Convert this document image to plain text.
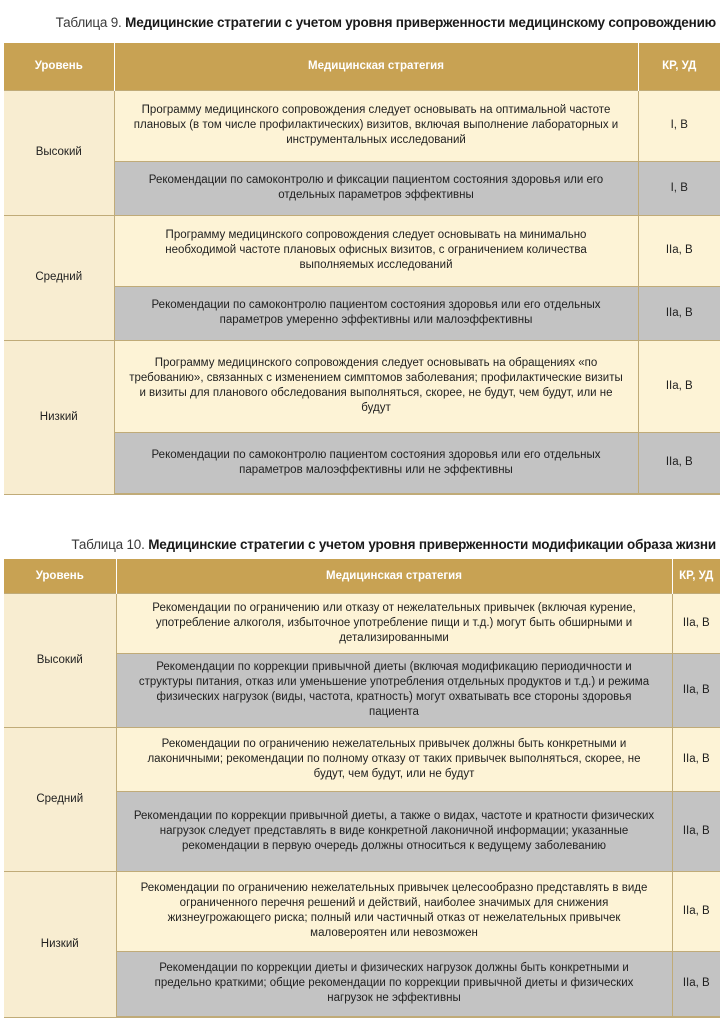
Таблица 9. Медицинские стратегии с учетом уровня приверженности медицинскому сопровождению
Уровень	Медицинская стратегия	КР, УД
Высокий	Программу медицинского сопровождения следует основывать на оптимальной частоте плановых (в том числе профилактических) визитов, включая выполнение лабораторных и инструментальных исследований	I, B
	Рекомендации по самоконтролю и фиксации пациентом состояния здоровья или его отдельных параметров эффективны	I, B
Средний	Программу медицинского сопровождения следует основывать на минимально необходимой частоте плановых офисных визитов, с ограничением количества выполняемых исследований	IIa, B
	Рекомендации по самоконтролю пациентом состояния здоровья или его отдельных параметров умеренно эффективны или малоэффективны	IIa, B
Низкий	Программу медицинского сопровождения следует основывать на обращениях «по требованию», связанных с изменением симптомов заболевания; профилактические визиты и визиты для планового обследования выполняться, скорее, не будут, чем будут, или не будут	IIa, B
	Рекомендации по самоконтролю пациентом состояния здоровья или его отдельных параметров малоэффективны или не эффективны	IIa, B
Таблица 10. Медицинские стратегии с учетом уровня приверженности модификации образа жизни
Уровень	Медицинская стратегия	КР, УД
Высокий	Рекомендации по ограничению или отказу от нежелательных привычек (включая курение, употребление алкоголя, избыточное употребление пищи и т.д.) могут быть обширными и детализированными	IIa, B
	Рекомендации по коррекции привычной диеты (включая модификацию периодичности и структуры питания, отказ или уменьшение употребления отдельных продуктов и т.д.) и режима физических нагрузок (виды, частота, кратность) могут охватывать все стороны здоровья пациента	IIa, B
Средний	Рекомендации по ограничению нежелательных привычек должны быть конкретными и лаконичными; рекомендации по полному отказу от таких привычек выполняться, скорее, не будут, чем будут, или не будут	IIa, B
	Рекомендации по коррекции привычной диеты, а также о видах, частоте и кратности физических нагрузок следует представлять в виде конкретной лаконичной информации; указанные рекомендации в первую очередь должны относиться к ведущему заболеванию	IIa, B
Низкий	Рекомендации по ограничению нежелательных привычек целесообразно представлять в виде ограниченного перечня решений и действий, наиболее значимых для снижения жизнеугрожающего риска; полный или частичный отказ от нежелательных привычек маловероятен или невозможен	IIa, B
	Рекомендации по коррекции диеты и физических нагрузок должны быть конкретными и предельно краткими; общие рекомендации по коррекции привычной диеты и физических нагрузок не эффективны	IIa, B
